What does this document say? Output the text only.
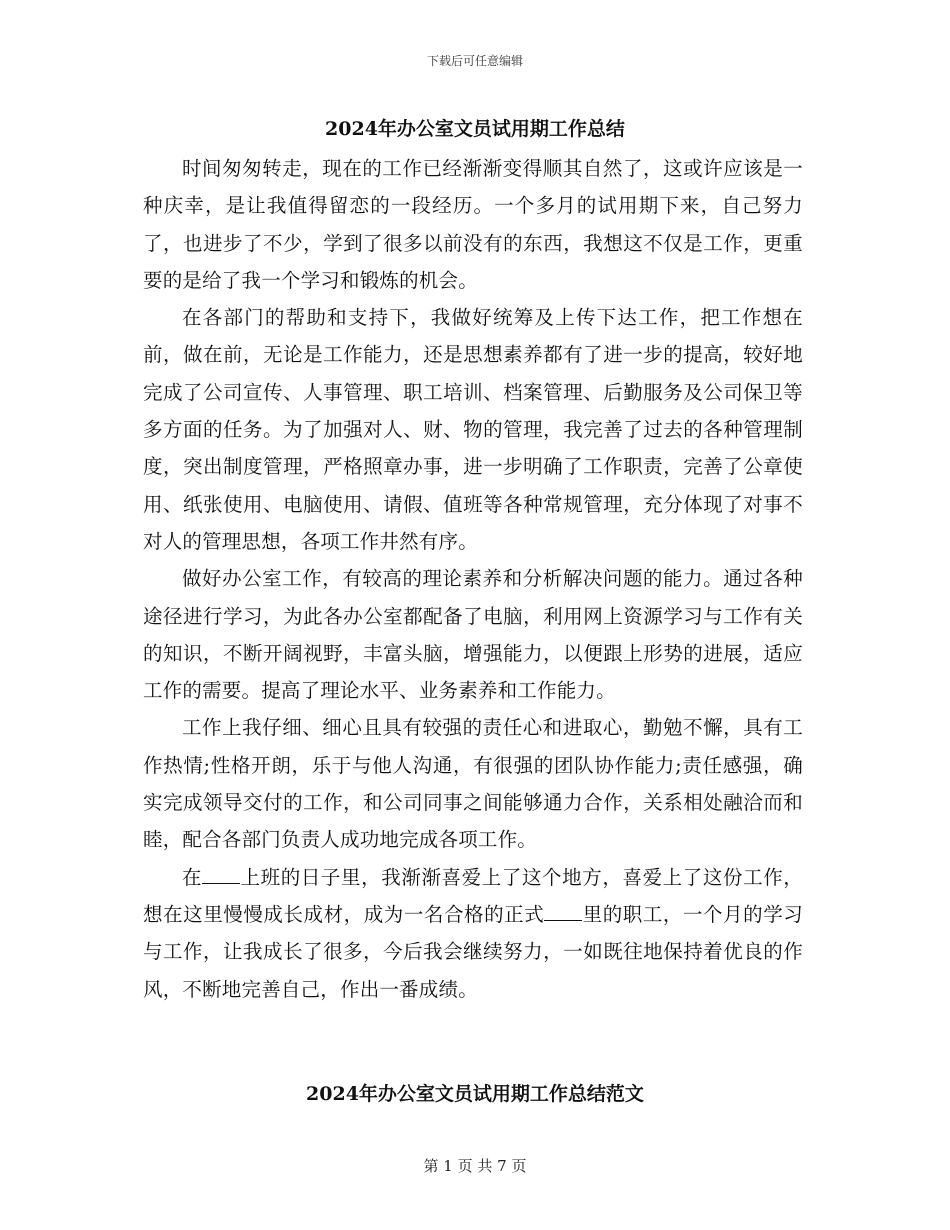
下载后可任意编辑
2024年办公室文员试用期工作总结

时间匆匆转走，现在的工作已经渐渐变得顺其自然了，这或许应该是一种庆幸，是让我值得留恋的一段经历。一个多月的试用期下来，自己努力了，也进步了不少，学到了很多以前没有的东西，我想这不仅是工作，更重要的是给了我一个学习和锻炼的机会。

在各部门的帮助和支持下，我做好统筹及上传下达工作，把工作想在前，做在前，无论是工作能力，还是思想素养都有了进一步的提高，较好地完成了公司宣传、人事管理、职工培训、档案管理、后勤服务及公司保卫等多方面的任务。为了加强对人、财、物的管理，我完善了过去的各种管理制度，突出制度管理，严格照章办事，进一步明确了工作职责，完善了公章使用、纸张使用、电脑使用、请假、值班等各种常规管理，充分体现了对事不对人的管理思想，各项工作井然有序。

做好办公室工作，有较高的理论素养和分析解决问题的能力。通过各种途径进行学习，为此各办公室都配备了电脑，利用网上资源学习与工作有关的知识，不断开阔视野，丰富头脑，增强能力，以便跟上形势的进展，适应工作的需要。提高了理论水平、业务素养和工作能力。

工作上我仔细、细心且具有较强的责任心和进取心，勤勉不懈，具有工作热情;性格开朗，乐于与他人沟通，有很强的团队协作能力;责任感强，确实完成领导交付的工作，和公司同事之间能够通力合作，关系相处融洽而和睦，配合各部门负责人成功地完成各项工作。

在 上班的日子里，我渐渐喜爱上了这个地方，喜爱上了这份工作，想在这里慢慢成长成材，成为一名合格的正式 里的职工，一个月的学习与工作，让我成长了很多，今后我会继续努力，一如既往地保持着优良的作风，不断地完善自己，作出一番成绩。

2024年办公室文员试用期工作总结范文
第 1 页 共 7 页
